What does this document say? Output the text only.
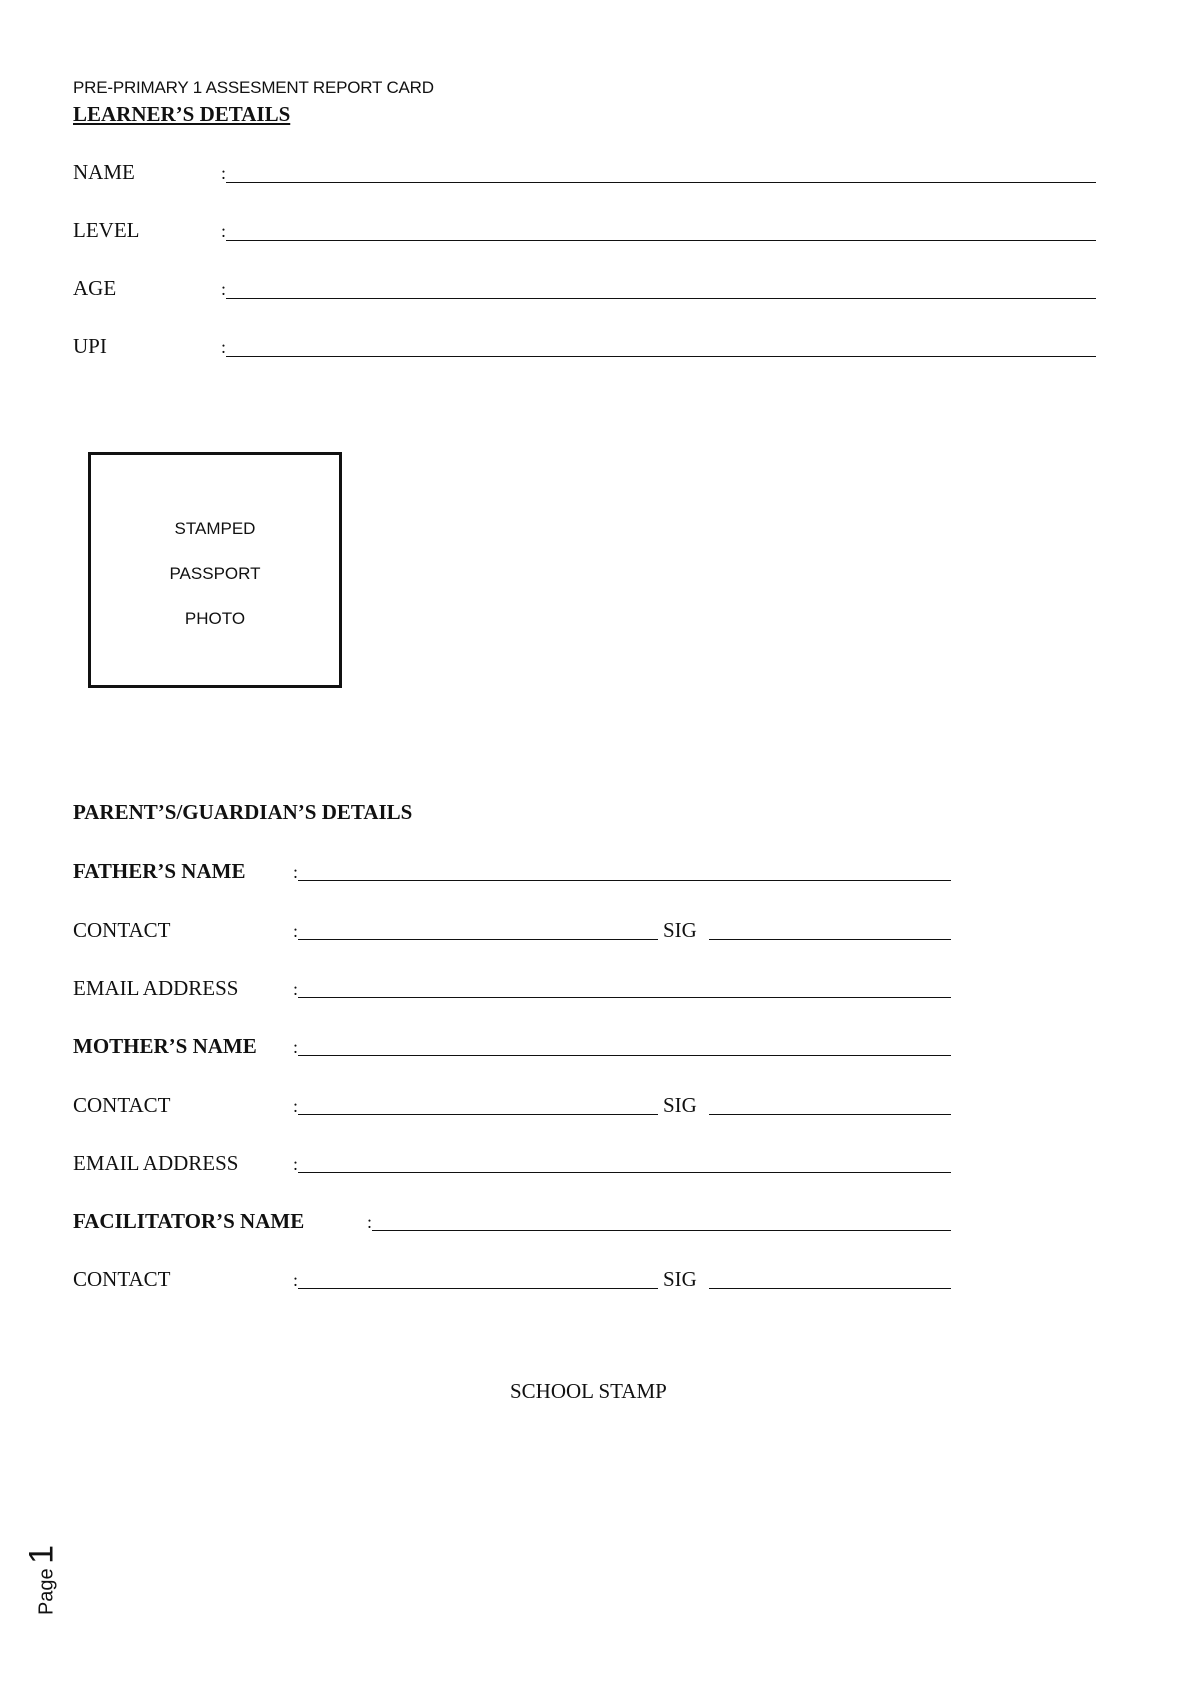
PRE-PRIMARY 1 ASSESMENT REPORT CARD
LEARNER’S DETAILS
NAME	:
LEVEL	:
AGE	:
UPI	:
STAMPED
PASSPORT
PHOTO
PARENT’S/GUARDIAN’S DETAILS
FATHER’S NAME	:
CONTACT	:	SIG
EMAIL ADDRESS	:
MOTHER’S NAME :
CONTACT	:	SIG
EMAIL ADDRESS	:
FACILITATOR’S NAME	:
CONTACT	:	SIG
SCHOOL STAMP
Page 1
